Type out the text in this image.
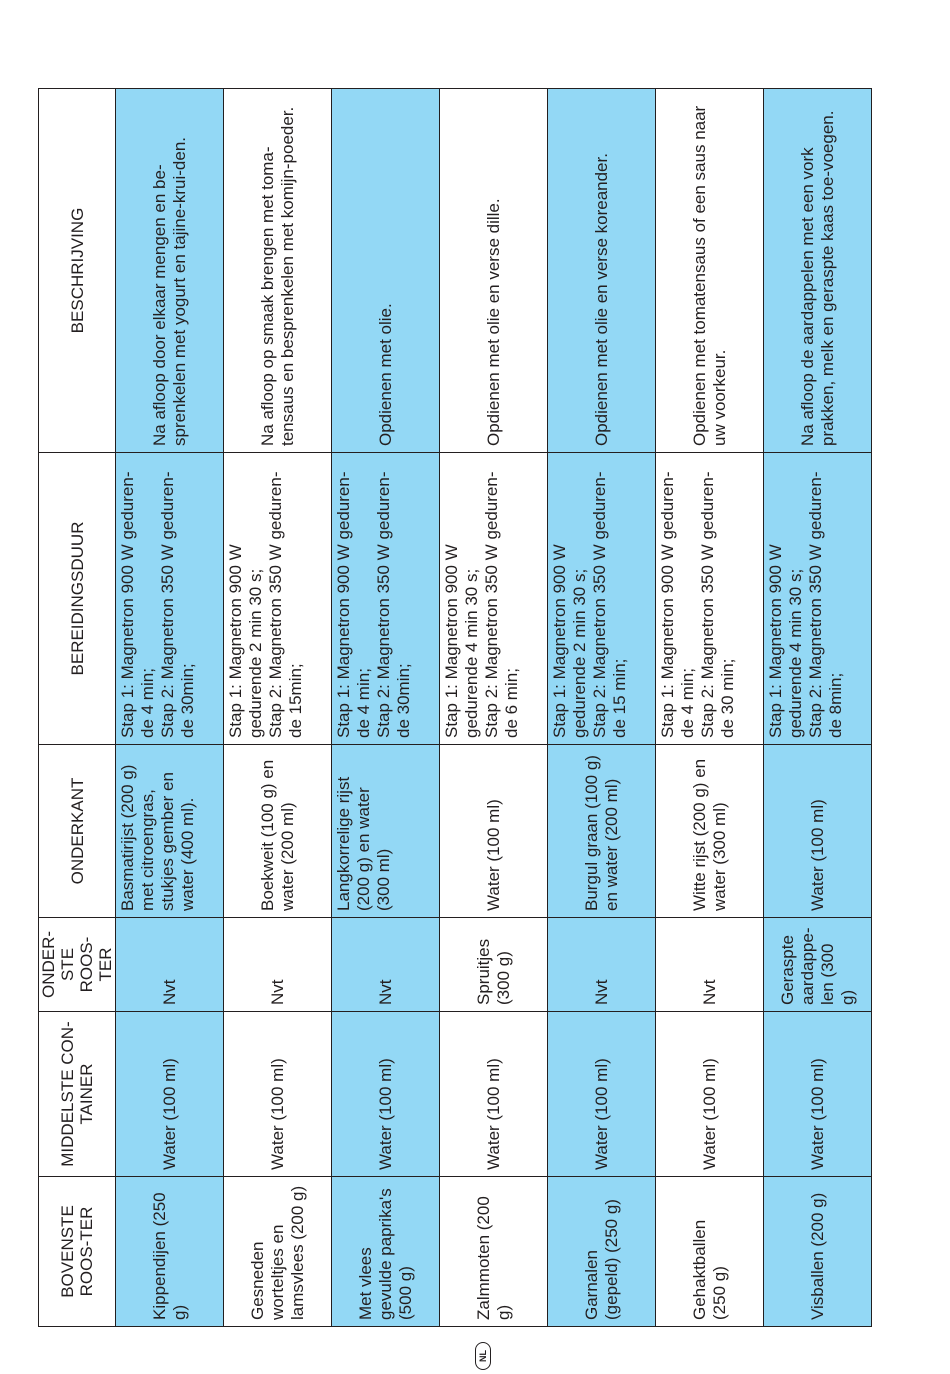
BOVENSTE ROOS-TER	MIDDELSTE CON-TAINER	ONDER-STE ROOS-TER	ONDERKANT	BEREIDINGSDUUR	BESCHRIJVING
Kippendijen (250 g)	Water (100 ml)	Nvt	Basmatirijst (200 g) met citroengras, stukjes gember en water (400 ml).	Stap 1: Magnetron 900 W geduren-de 4 min; Stap 2: Magnetron 350 W geduren-de 30min;	Na afloop door elkaar mengen en be-sprenkelen met yogurt en tajine-krui-den.
Gesneden worteltjes en lamsvlees (200 g)	Water (100 ml)	Nvt	Boekweit (100 g) en water (200 ml)	Stap 1: Magnetron 900 W gedurende 2 min 30 s; Stap 2: Magnetron 350 W geduren-de 15min;	Na afloop op smaak brengen met toma-tensaus en besprenkelen met komijn-poeder.
Met vlees gevulde paprika's (500 g)	Water (100 ml)	Nvt	Langkorrelige rijst (200 g) en water (300 ml)	Stap 1: Magnetron 900 W geduren-de 4 min; Stap 2: Magnetron 350 W geduren-de 30min;	Opdienen met olie.
Zalmmoten (200 g)	Water (100 ml)	Spruitjes (300 g)	Water (100 ml)	Stap 1: Magnetron 900 W gedurende 4 min 30 s; Stap 2: Magnetron 350 W geduren-de 6 min;	Opdienen met olie en verse dille.
Garnalen (gepeld) (250 g)	Water (100 ml)	Nvt	Burgul graan (100 g) en water (200 ml)	Stap 1: Magnetron 900 W gedurende 2 min 30 s; Stap 2: Magnetron 350 W geduren-de 15 min;	Opdienen met olie en verse koreander.
Gehaktballen (250 g)	Water (100 ml)	Nvt	Witte rijst (200 g) en water (300 ml)	Stap 1: Magnetron 900 W geduren-de 4 min; Stap 2: Magnetron 350 W geduren-de 30 min;	Opdienen met tomatensaus of een saus naar uw voorkeur.
Visballen (200 g)	Water (100 ml)	Geraspte aardappe-len (300 g)	Water (100 ml)	Stap 1: Magnetron 900 W gedurende 4 min 30 s; Stap 2: Magnetron 350 W geduren-de 8min;	Na afloop de aardappelen met een vork prakken, melk en geraspte kaas toe-voegen.
NL
